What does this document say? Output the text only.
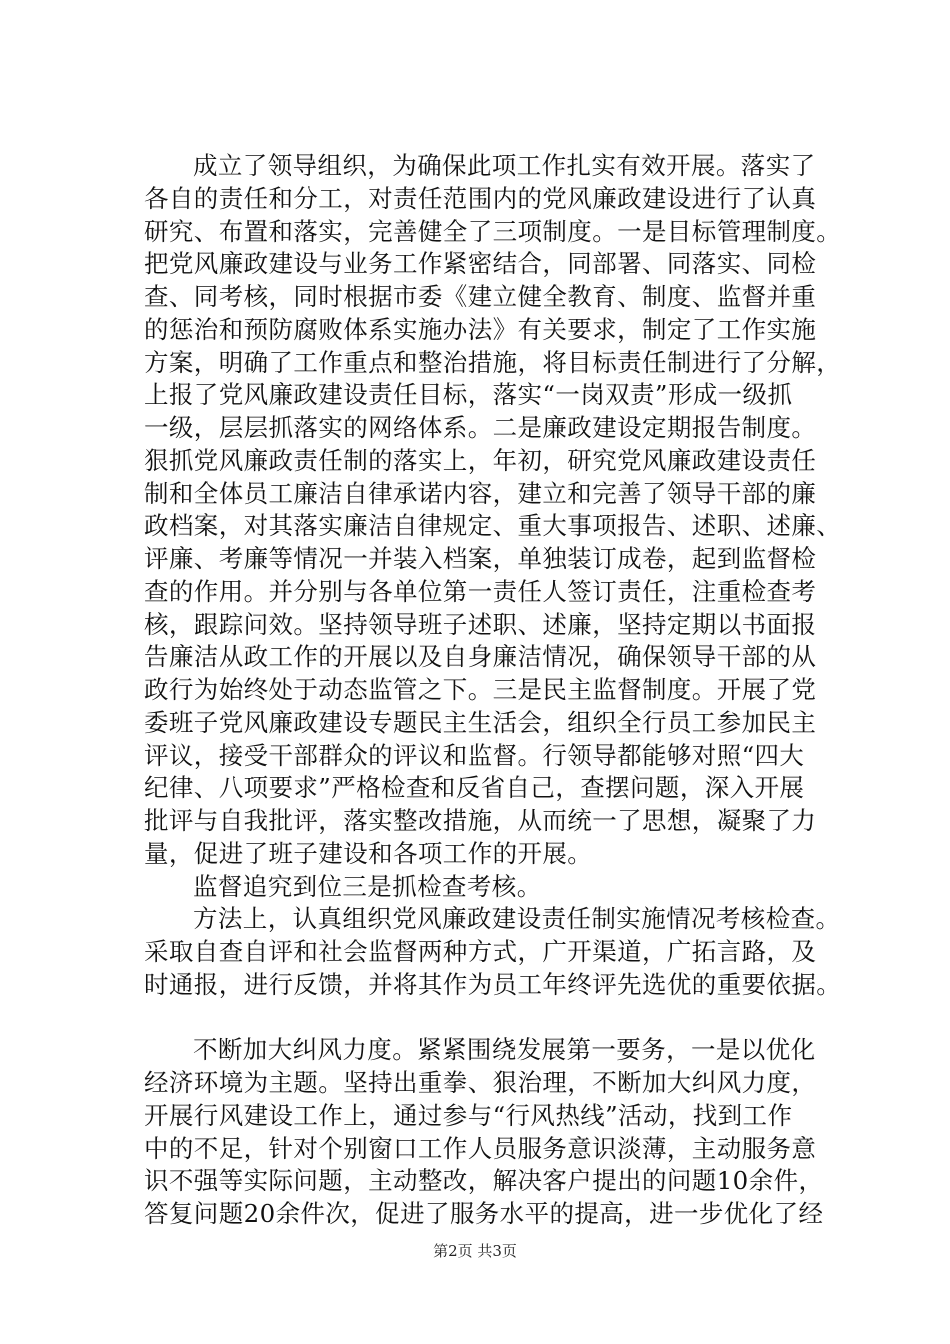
成立了领导组织，为确保此项工作扎实有效开展。落实了
各自的责任和分工，对责任范围内的党风廉政建设进行了认真
研究、布置和落实，完善健全了三项制度。一是目标管理制度。
把党风廉政建设与业务工作紧密结合，同部署、同落实、同检
查、同考核，同时根据市委《建立健全教育、制度、监督并重
的惩治和预防腐败体系实施办法》有关要求，制定了工作实施
方案，明确了工作重点和整治措施，将目标责任制进行了分解，
上报了党风廉政建设责任目标，落实“一岗双责”形成一级抓
一级，层层抓落实的网络体系。二是廉政建设定期报告制度。
狠抓党风廉政责任制的落实上，年初，研究党风廉政建设责任
制和全体员工廉洁自律承诺内容，建立和完善了领导干部的廉
政档案，对其落实廉洁自律规定、重大事项报告、述职、述廉、
评廉、考廉等情况一并装入档案，单独装订成卷，起到监督检
查的作用。并分别与各单位第一责任人签订责任，注重检查考
核，跟踪问效。坚持领导班子述职、述廉，坚持定期以书面报
告廉洁从政工作的开展以及自身廉洁情况，确保领导干部的从
政行为始终处于动态监管之下。三是民主监督制度。开展了党
委班子党风廉政建设专题民主生活会，组织全行员工参加民主
评议，接受干部群众的评议和监督。行领导都能够对照“四大
纪律、八项要求”严格检查和反省自己，查摆问题，深入开展
批评与自我批评，落实整改措施，从而统一了思想，凝聚了力
量，促进了班子建设和各项工作的开展。
监督追究到位三是抓检查考核。
方法上，认真组织党风廉政建设责任制实施情况考核检查。
采取自查自评和社会监督两种方式，广开渠道，广拓言路，及
时通报，进行反馈，并将其作为员工年终评先选优的重要依据。
不断加大纠风力度。紧紧围绕发展第一要务，一是以优化
经济环境为主题。坚持出重拳、狠治理，不断加大纠风力度，
开展行风建设工作上，通过参与“行风热线”活动，找到工作
中的不足，针对个别窗口工作人员服务意识淡薄，主动服务意
识不强等实际问题，主动整改，解决客户提出的问题10余件，
答复问题20余件次，促进了服务水平的提高，进一步优化了经
第2页 共3页
